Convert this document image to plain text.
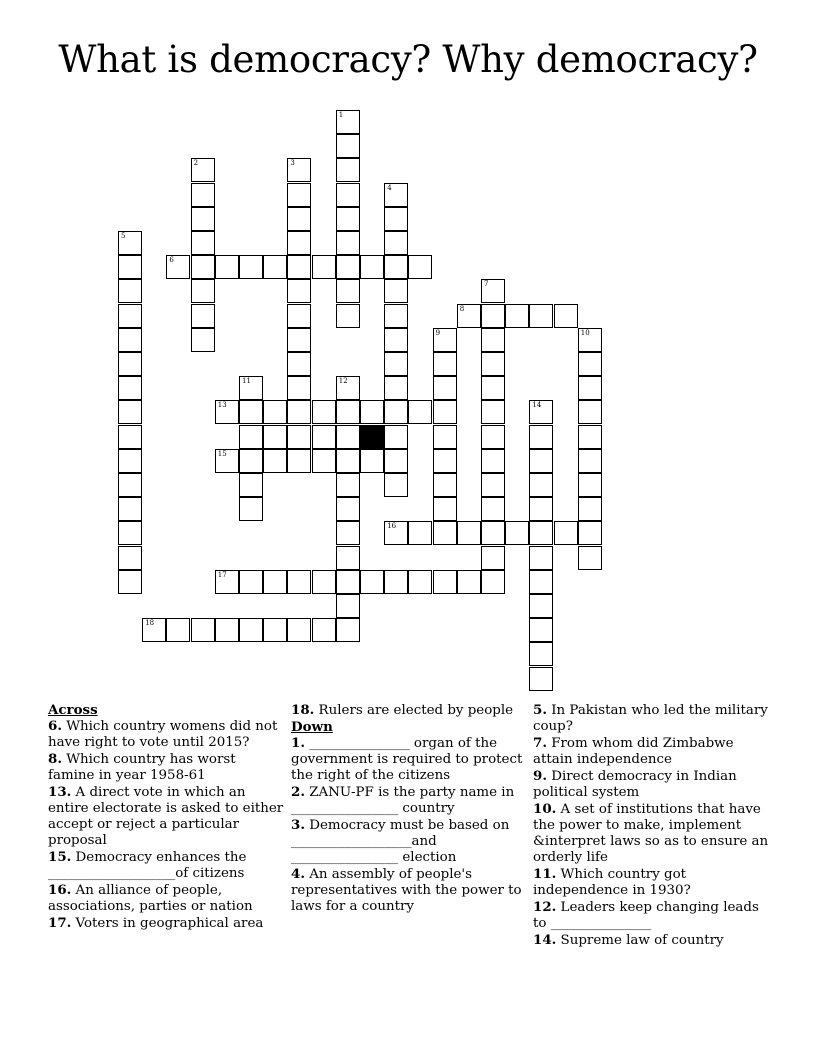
What is democracy? Why democracy?
1
2	3
4
5
6
7
8
9	10
11	12
13	14
15
16
17
18

Across

6. Which country womens did not have right to vote until 2015?

8. Which country has worst famine in year 1958-61

13. A direct vote in which an entire electorate is asked to either accept or reject a particular proposal

15. Democracy enhances the ___________________of citizens

16. An alliance of people, associations, parties or nation

17. Voters in geographical area

18. Rulers are elected by people

Down

1. _______________ organ of the government is required to protect the right of the citizens

2. ZANU-PF is the party name in ________________ country

3. Democracy must be based on __________________and ________________ election

4. An assembly of people's representatives with the power to laws for a country

5. In Pakistan who led the military coup?

7. From whom did Zimbabwe attain independence

9. Direct democracy in Indian political system

10. A set of institutions that have the power to make, implement &interpret laws so as to ensure an orderly life

11. Which country got independence in 1930?

12. Leaders keep changing leads to _______________

14. Supreme law of country
